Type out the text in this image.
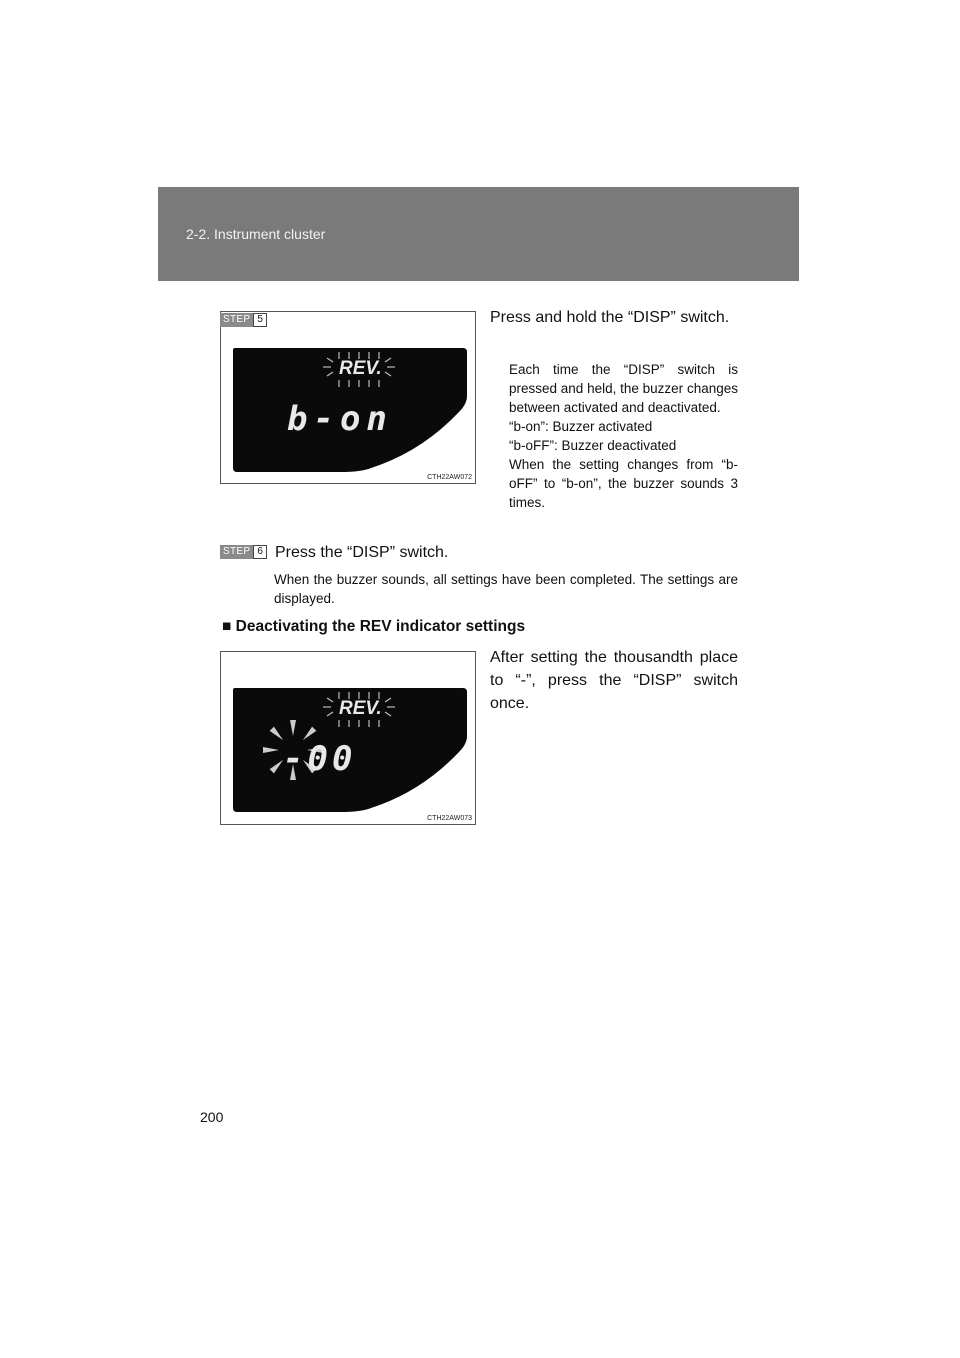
2-2. Instrument cluster
REV.
b-on
CTH22AW072
STEP 5	Press and hold the “DISP” switch.
Each time the “DISP” switch is pressed and held, the buzzer changes between activated and deactivated.
“b-on”: Buzzer activated
“b-oFF”: Buzzer deactivated
When the setting changes from “b-oFF” to “b-on”, the buzzer sounds 3 times.
STEP 6 Press the “DISP” switch.
When the buzzer sounds, all settings have been completed. The settings are displayed.
■ Deactivating the REV indicator settings
REV.
-00
CTH22AW073
After setting the thousandth place to “-”, press the “DISP” switch once.
200
